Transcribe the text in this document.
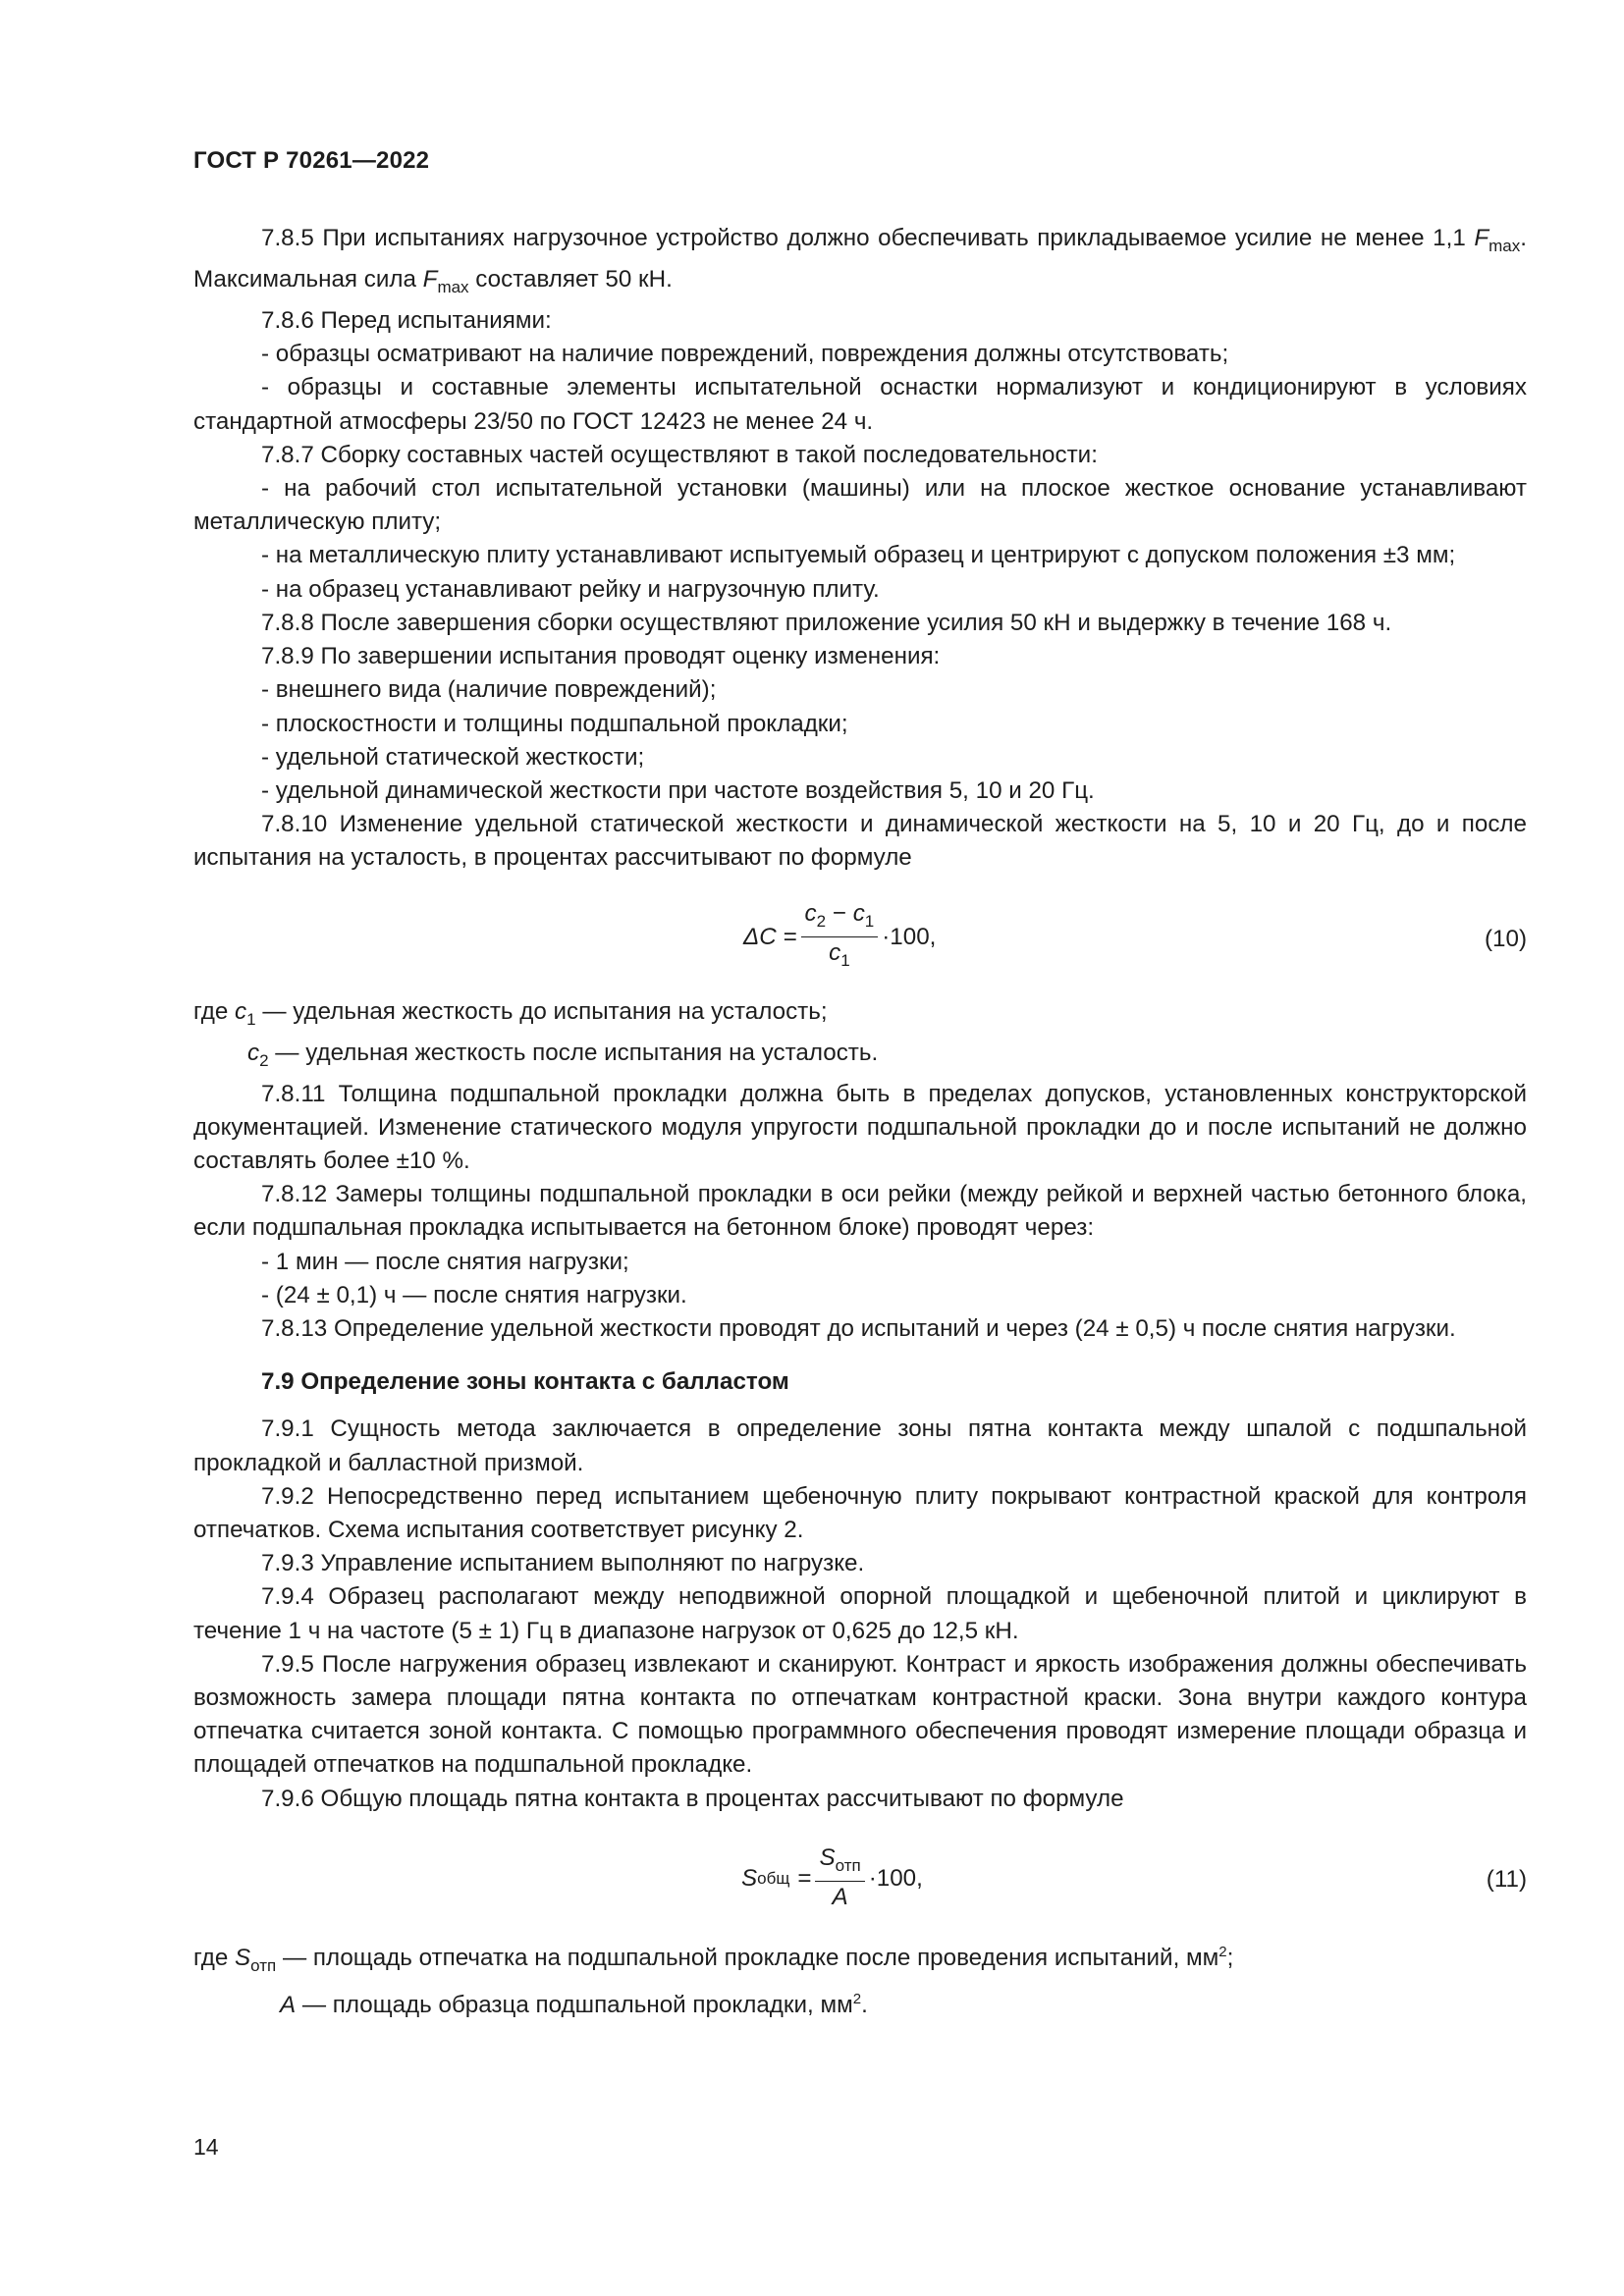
ГОСТ Р 70261—2022

7.8.5 При испытаниях нагрузочное устройство должно обеспечивать прикладываемое усилие не менее 1,1 $F_{max}$. Максимальная сила $F_{max}$ составляет 50 кН.

7.8.6 Перед испытаниями:

- образцы осматривают на наличие повреждений, повреждения должны отсутствовать;

- образцы и составные элементы испытательной оснастки нормализуют и кондиционируют в условиях стандартной атмосферы 23/50 по ГОСТ 12423 не менее 24 ч.

7.8.7 Сборку составных частей осуществляют в такой последовательности:

- на рабочий стол испытательной установки (машины) или на плоское жесткое основание устанавливают металлическую плиту;

- на металлическую плиту устанавливают испытуемый образец и центрируют с допуском положения ±3 мм;

- на образец устанавливают рейку и нагрузочную плиту.

7.8.8 После завершения сборки осуществляют приложение усилия 50 кН и выдержку в течение 168 ч.

7.8.9 По завершении испытания проводят оценку изменения:

- внешнего вида (наличие повреждений);

- плоскостности и толщины подшпальной прокладки;

- удельной статической жесткости;

- удельной динамической жесткости при частоте воздействия 5, 10 и 20 Гц.

7.8.10 Изменение удельной статической жесткости и динамической жесткости на 5, 10 и 20 Гц, до и после испытания на усталость, в процентах рассчитывают по формуле

$\Delta C = \frac{c_2 - c_1}{c_1} \cdot 100$,	(10)

где $c_1$ — удельная жесткость до испытания на усталость;

$c_2$ — удельная жесткость после испытания на усталость.

7.8.11 Толщина подшпальной прокладки должна быть в пределах допусков, установленных конструкторской документацией. Изменение статического модуля упругости подшпальной прокладки до и после испытаний не должно составлять более ±10 %.

7.8.12 Замеры толщины подшпальной прокладки в оси рейки (между рейкой и верхней частью бетонного блока, если подшпальная прокладка испытывается на бетонном блоке) проводят через:

- 1 мин — после снятия нагрузки;

- (24 ± 0,1) ч — после снятия нагрузки.

7.8.13 Определение удельной жесткости проводят до испытаний и через (24 ± 0,5) ч после снятия нагрузки.

7.9 Определение зоны контакта с балластом

7.9.1 Сущность метода заключается в определение зоны пятна контакта между шпалой с подшпальной прокладкой и балластной призмой.

7.9.2 Непосредственно перед испытанием щебеночную плиту покрывают контрастной краской для контроля отпечатков. Схема испытания соответствует рисунку 2.

7.9.3 Управление испытанием выполняют по нагрузке.

7.9.4 Образец располагают между неподвижной опорной площадкой и щебеночной плитой и циклируют в течение 1 ч на частоте (5 ± 1) Гц в диапазоне нагрузок от 0,625 до 12,5 кН.

7.9.5 После нагружения образец извлекают и сканируют. Контраст и яркость изображения должны обеспечивать возможность замера площади пятна контакта по отпечаткам контрастной краски. Зона внутри каждого контура отпечатка считается зоной контакта. С помощью программного обеспечения проводят измерение площади образца и площадей отпечатков на подшпальной прокладке.

7.9.6 Общую площадь пятна контакта в процентах рассчитывают по формуле

S общ = $\frac{S_{отп}}{A} \cdot 100$,	(11)

где $S_{отп}$ — площадь отпечатка на подшпальной прокладке после проведения испытаний, $мм^2$;

A — площадь образца подшпальной прокладки, $мм^2$.

14
